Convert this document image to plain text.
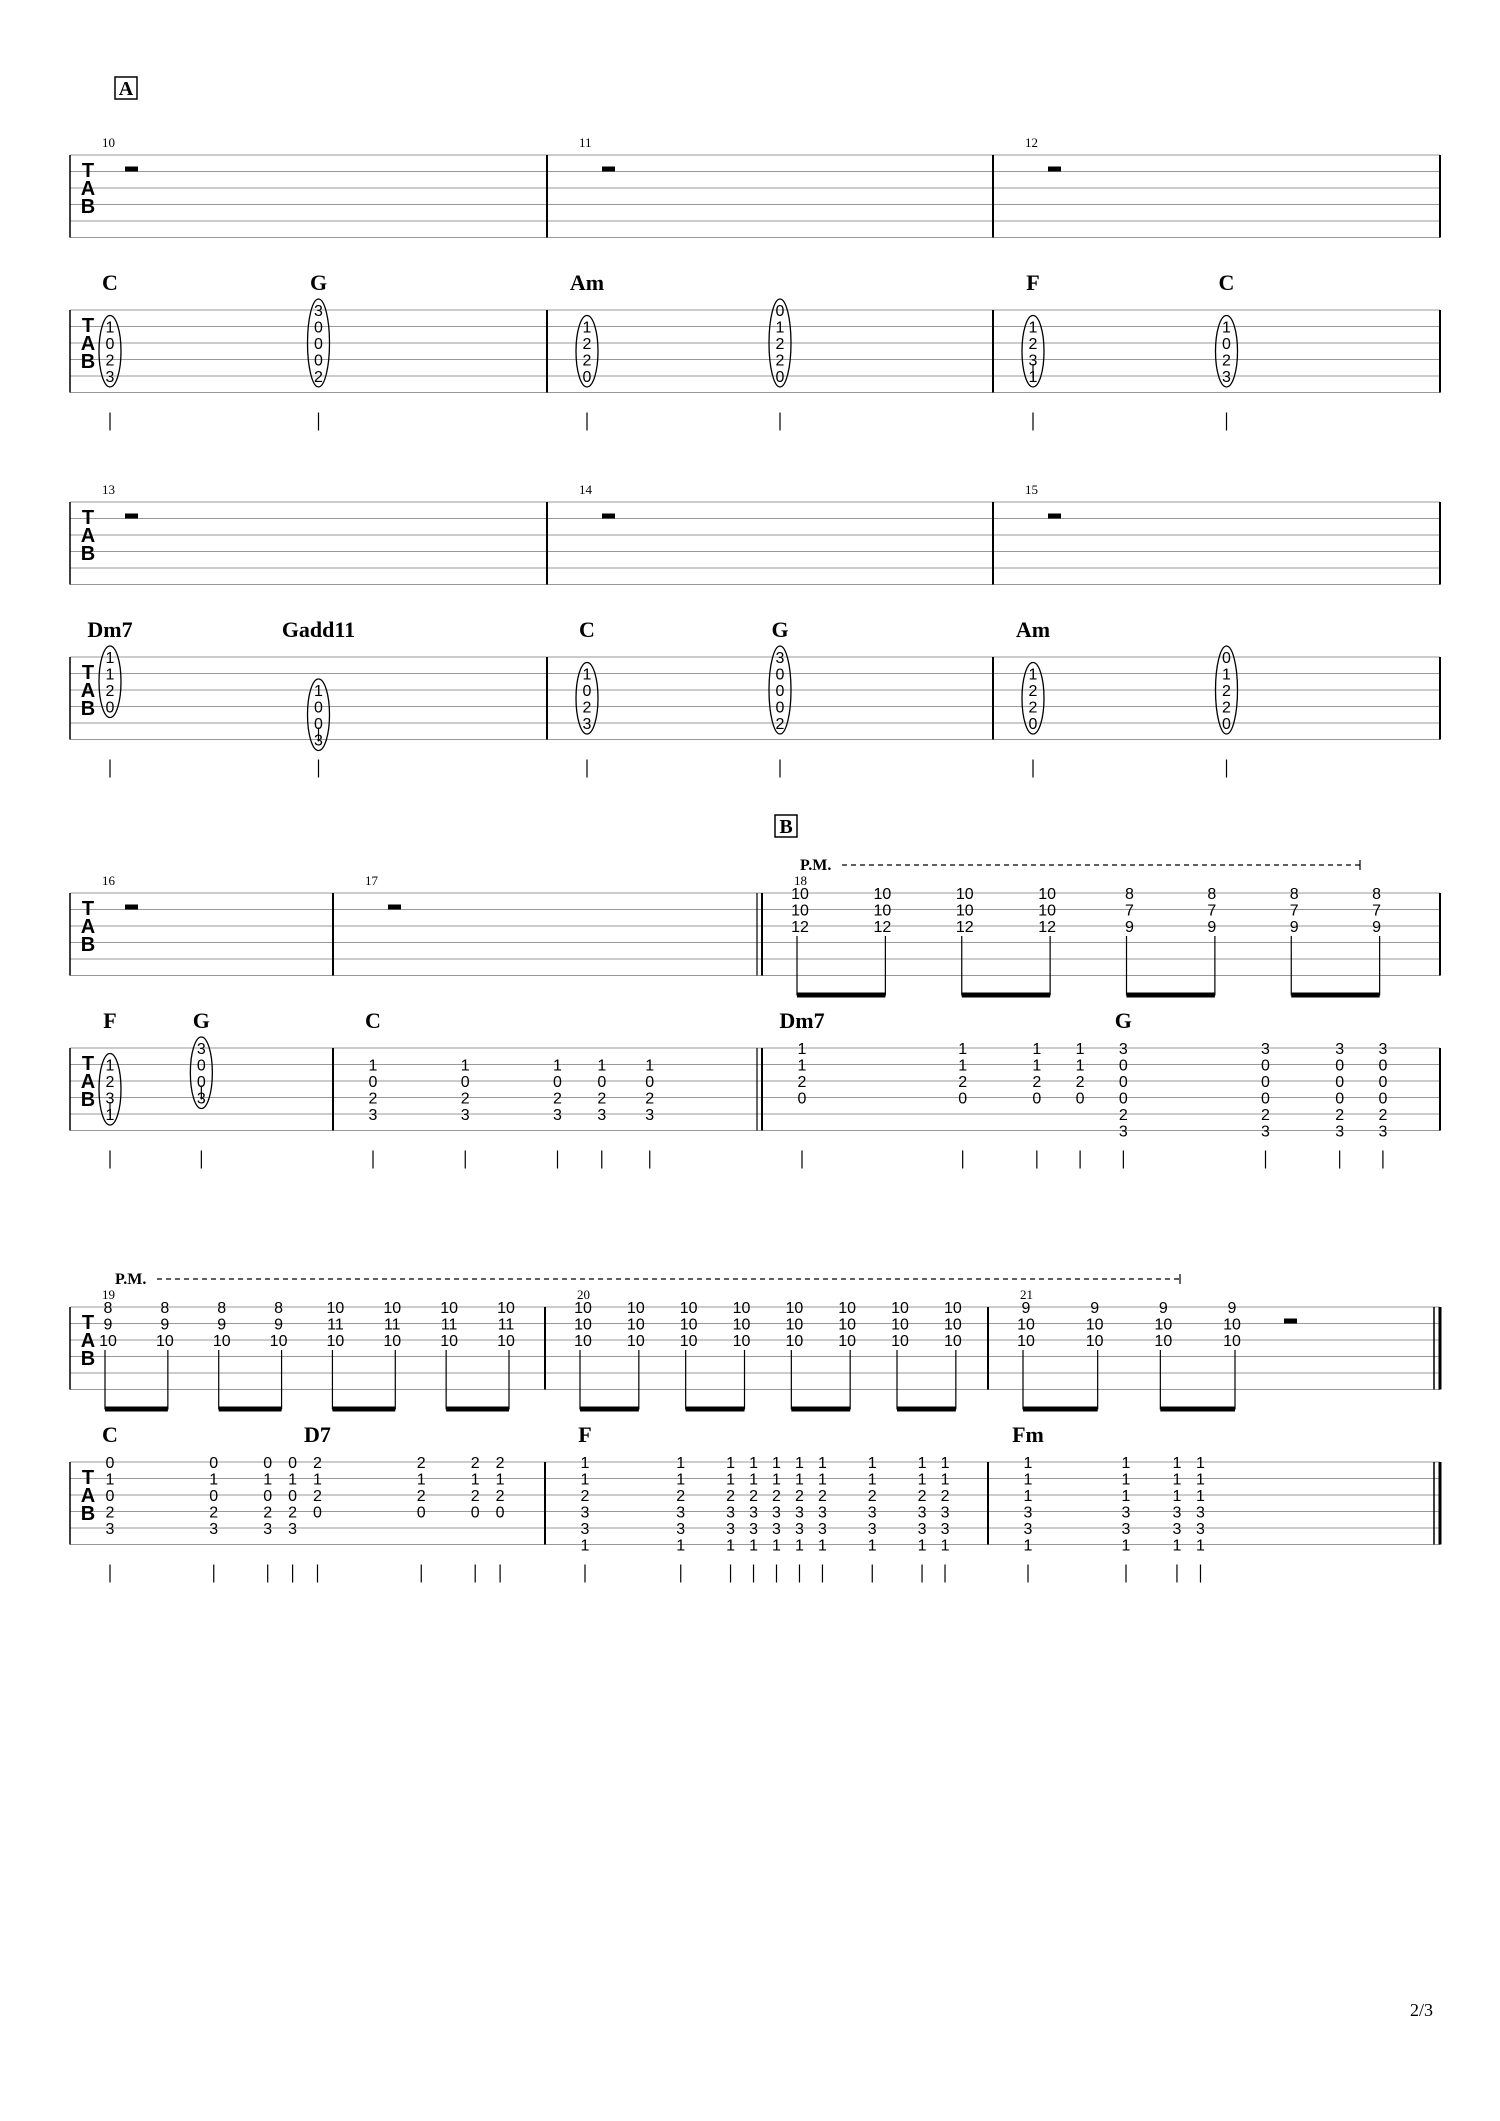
A
B
T
A
B
T
A
B
10
C
1
0
2
3
G
3
0
0
0
2
11
Am
1
2
2
0
0
1
2
2
0
12
F
1
2
3
1
C
1
0
2
3
T
A
B
T
A
B
13
Dm7
1
1
2
0
Gadd11
1
0
0
3
14
C
1
0
2
3
G
3
0
0
0
2
15
Am
1
2
2
0
0
1
2
2
0
T
A
B
T
A
B
P.M.
16
F
1
2
3
1
G
3
0
0
3
17
C
1
0
2
3
1
0
2
3
1
0
2
3
1
0
2
3
1
0
2
3
18
10
10
12
10
10
12
10
10
12
10
10
12
8
7
9
8
7
9
8
7
9
8
7
9
Dm7
1
1
2
0
1
1
2
0
1
1
2
0
1
1
2
0
G
3
0
0
0
2
3
3
0
0
0
2
3
3
0
0
0
2
3
3
0
0
0
2
3
T
A
B
T
A
B
P.M.
19
8
9
10
8
9
10
8
9
10
8
9
10
10
11
10
10
11
10
10
11
10
10
11
10
C
0
1
0
2
3
0
1
0
2
3
0
1
0
2
3
0
1
0
2
3
D7
2
1
2
0
2
1
2
0
2
1
2
0
2
1
2
0
20
10
10
10
10
10
10
10
10
10
10
10
10
10
10
10
10
10
10
10
10
10
10
10
10
F
1
1
2
3
3
1
1
1
2
3
3
1
1
1
2
3
3
1
1
1
2
3
3
1
1
1
2
3
3
1
1
1
2
3
3
1
1
1
2
3
3
1
1
1
2
3
3
1
1
1
2
3
3
1
1
1
2
3
3
1
21
9
10
10
9
10
10
9
10
10
9
10
10
Fm
1
1
1
3
3
1
1
1
1
3
3
1
1
1
1
3
3
1
1
1
1
3
3
1
2/3
